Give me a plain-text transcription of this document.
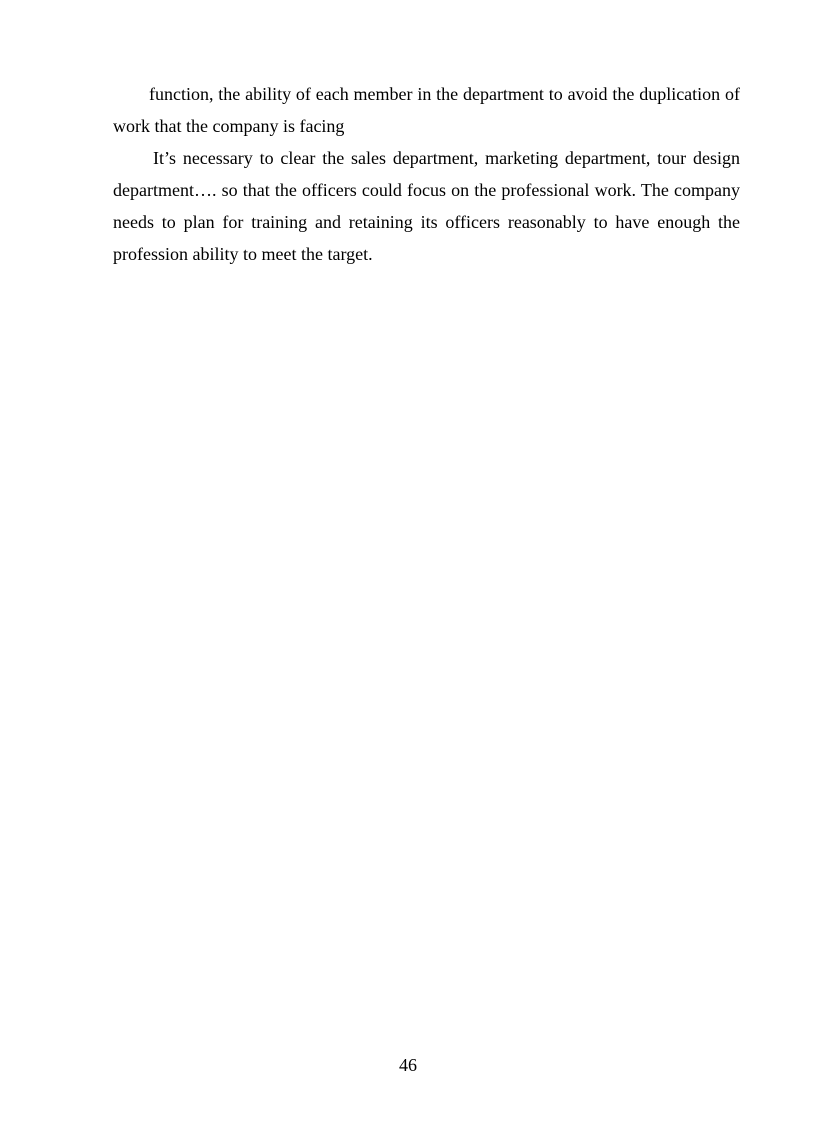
function, the ability of each member in the department to avoid the duplication of work that the company is facing

It’s necessary to clear the sales department, marketing department, tour design department…. so that the officers could focus on the professional work. The company needs to plan for training and retaining its officers reasonably to have enough the profession ability to meet the target.

46
